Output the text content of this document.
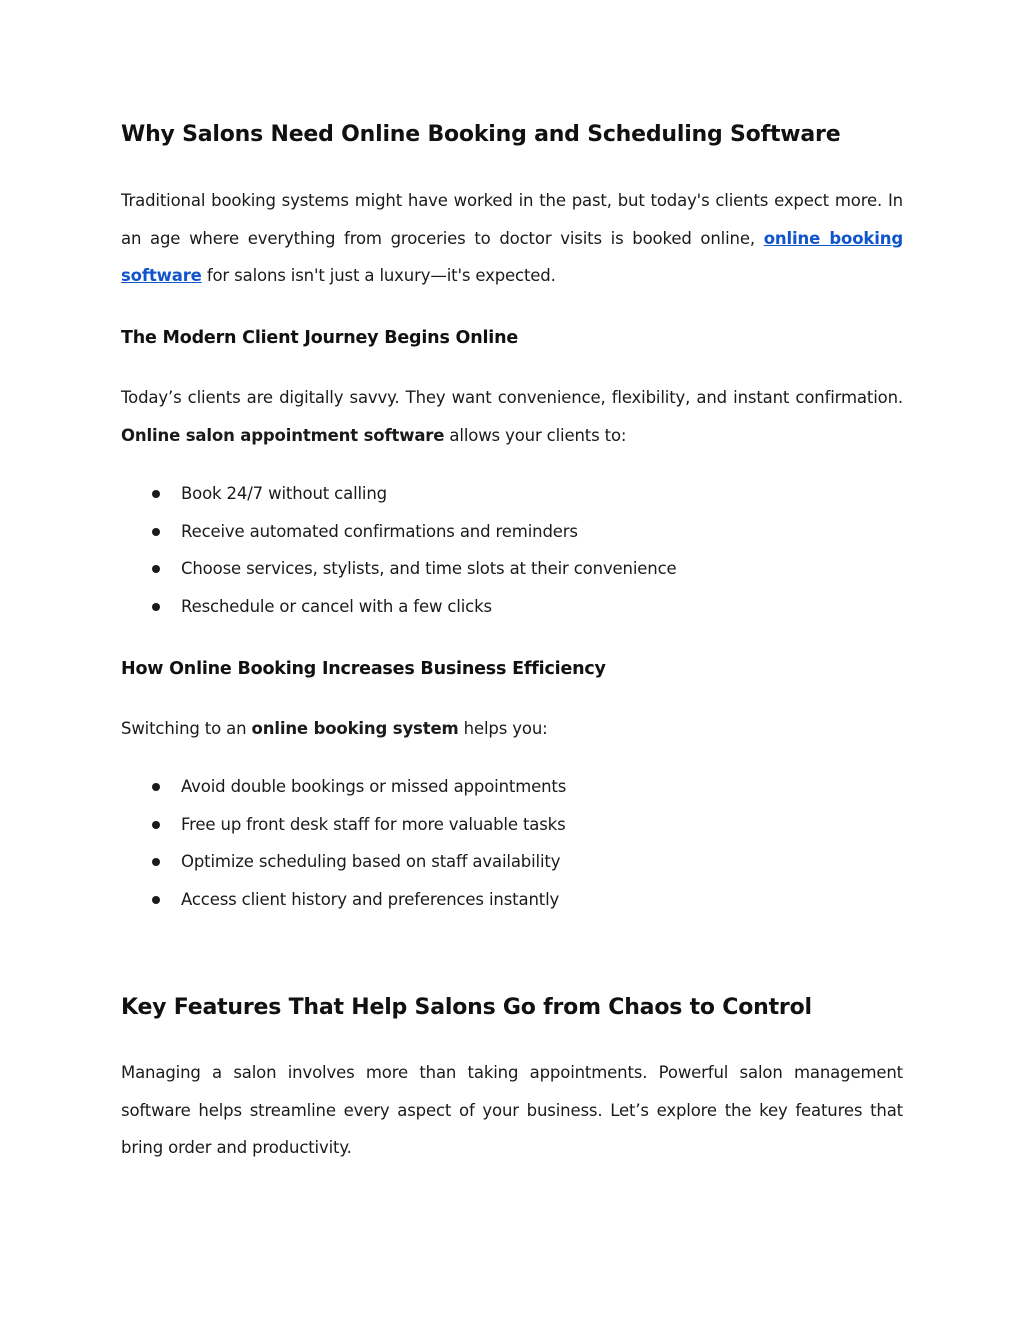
Why Salons Need Online Booking and Scheduling Software

Traditional booking systems might have worked in the past, but today's clients expect more. In an age where everything from groceries to doctor visits is booked online, online booking software for salons isn't just a luxury—it's expected.

The Modern Client Journey Begins Online

Today’s clients are digitally savvy. They want convenience, flexibility, and instant confirmation. Online salon appointment software allows your clients to:

Book 24/7 without calling
Receive automated confirmations and reminders
Choose services, stylists, and time slots at their convenience
Reschedule or cancel with a few clicks
How Online Booking Increases Business Efficiency

Switching to an online booking system helps you:

Avoid double bookings or missed appointments
Free up front desk staff for more valuable tasks
Optimize scheduling based on staff availability
Access client history and preferences instantly
Key Features That Help Salons Go from Chaos to Control

Managing a salon involves more than taking appointments. Powerful salon management software helps streamline every aspect of your business. Let’s explore the key features that bring order and productivity.
